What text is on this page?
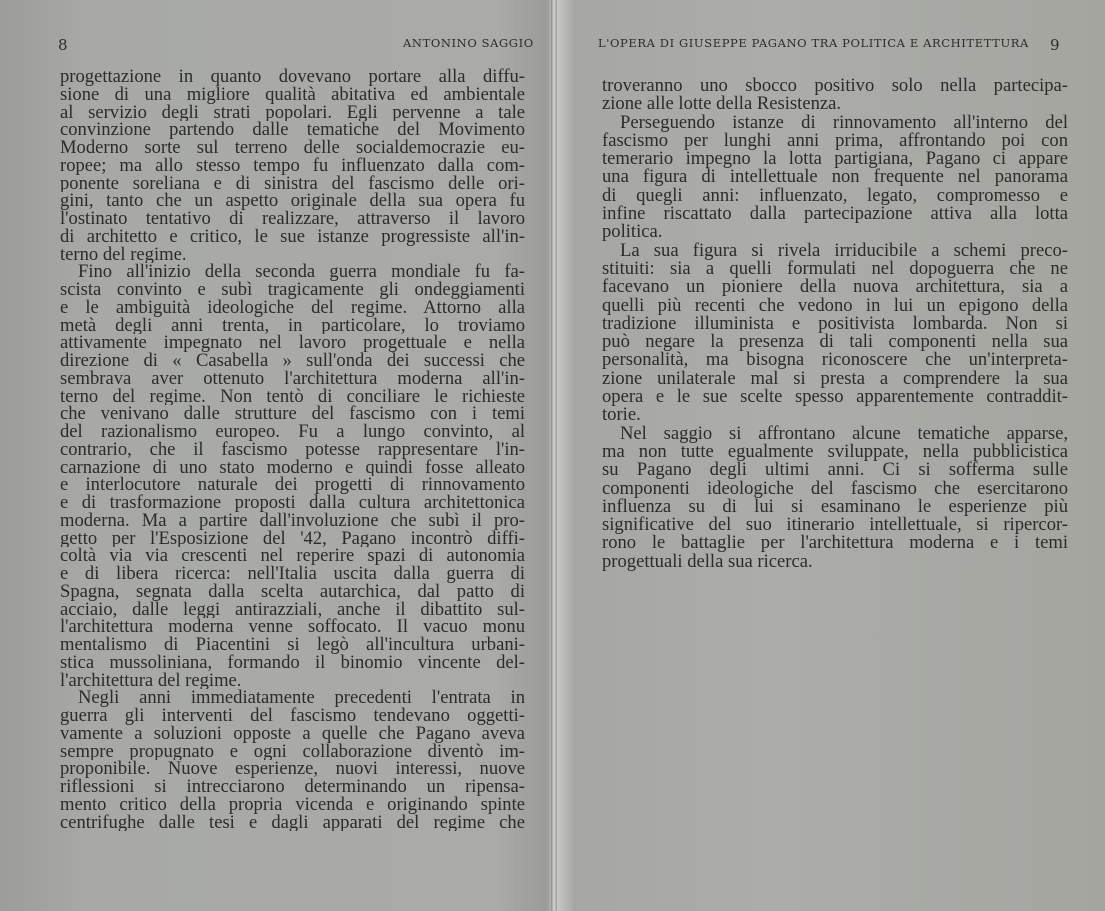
8	ANTONINO SAGGIO
progettazione in quanto dovevano portare alla diffu-
sione di una migliore qualità abitativa ed ambientale
al servizio degli strati popolari. Egli pervenne a tale
convinzione partendo dalle tematiche del Movimento
Moderno sorte sul terreno delle socialdemocrazie eu-
ropee; ma allo stesso tempo fu influenzato dalla com-
ponente soreliana e di sinistra del fascismo delle ori-
gini, tanto che un aspetto originale della sua opera fu
l'ostinato tentativo di realizzare, attraverso il lavoro
di architetto e critico, le sue istanze progressiste all'in-
terno del regime.
Fino all'inizio della seconda guerra mondiale fu fa-
scista convinto e subì tragicamente gli ondeggiamenti
e le ambiguità ideologiche del regime. Attorno alla
metà degli anni trenta, in particolare, lo troviamo
attivamente impegnato nel lavoro progettuale e nella
direzione di « Casabella » sull'onda dei successi che
sembrava aver ottenuto l'architettura moderna all'in-
terno del regime. Non tentò di conciliare le richieste
che venivano dalle strutture del fascismo con i temi
del razionalismo europeo. Fu a lungo convinto, al
contrario, che il fascismo potesse rappresentare l'in-
carnazione di uno stato moderno e quindi fosse alleato
e interlocutore naturale dei progetti di rinnovamento
e di trasformazione proposti dalla cultura architettonica
moderna. Ma a partire dall'involuzione che subì il pro-
getto per l'Esposizione del '42, Pagano incontrò diffi-
coltà via via crescenti nel reperire spazi di autonomia
e di libera ricerca: nell'Italia uscita dalla guerra di
Spagna, segnata dalla scelta autarchica, dal patto di
acciaio, dalle leggi antirazziali, anche il dibattito sul-
l'architettura moderna venne soffocato. Il vacuo monu
mentalismo di Piacentini si legò all'incultura urbani-
stica mussoliniana, formando il binomio vincente del-
l'architettura del regime.
Negli anni immediatamente precedenti l'entrata in
guerra gli interventi del fascismo tendevano oggetti-
vamente a soluzioni opposte a quelle che Pagano aveva
sempre propugnato e ogni collaborazione diventò im-
proponibile. Nuove esperienze, nuovi interessi, nuove
riflessioni si intrecciarono determinando un ripensa-
mento critico della propria vicenda e originando spinte
centrifughe dalle tesi e dagli apparati del regime che
L'OPERA DI GIUSEPPE PAGANO TRA POLITICA E ARCHITETTURA 9
troveranno uno sbocco positivo solo nella partecipa-
zione alle lotte della Resistenza.
Perseguendo istanze di rinnovamento all'interno del
fascismo per lunghi anni prima, affrontando poi con
temerario impegno la lotta partigiana, Pagano ci appare
una figura di intellettuale non frequente nel panorama
di quegli anni: influenzato, legato, compromesso e
infine riscattato dalla partecipazione attiva alla lotta
politica.
La sua figura si rivela irriducibile a schemi preco-
stituiti: sia a quelli formulati nel dopoguerra che ne
facevano un pioniere della nuova architettura, sia a
quelli più recenti che vedono in lui un epigono della
tradizione illuminista e positivista lombarda. Non si
può negare la presenza di tali componenti nella sua
personalità, ma bisogna riconoscere che un'interpreta-
zione unilaterale mal si presta a comprendere la sua
opera e le sue scelte spesso apparentemente contraddit-
torie.
Nel saggio si affrontano alcune tematiche apparse,
ma non tutte egualmente sviluppate, nella pubblicistica
su Pagano degli ultimi anni. Ci si sofferma sulle
componenti ideologiche del fascismo che esercitarono
influenza su di lui si esaminano le esperienze più
significative del suo itinerario intellettuale, si ripercor-
rono le battaglie per l'architettura moderna e i temi
progettuali della sua ricerca.
